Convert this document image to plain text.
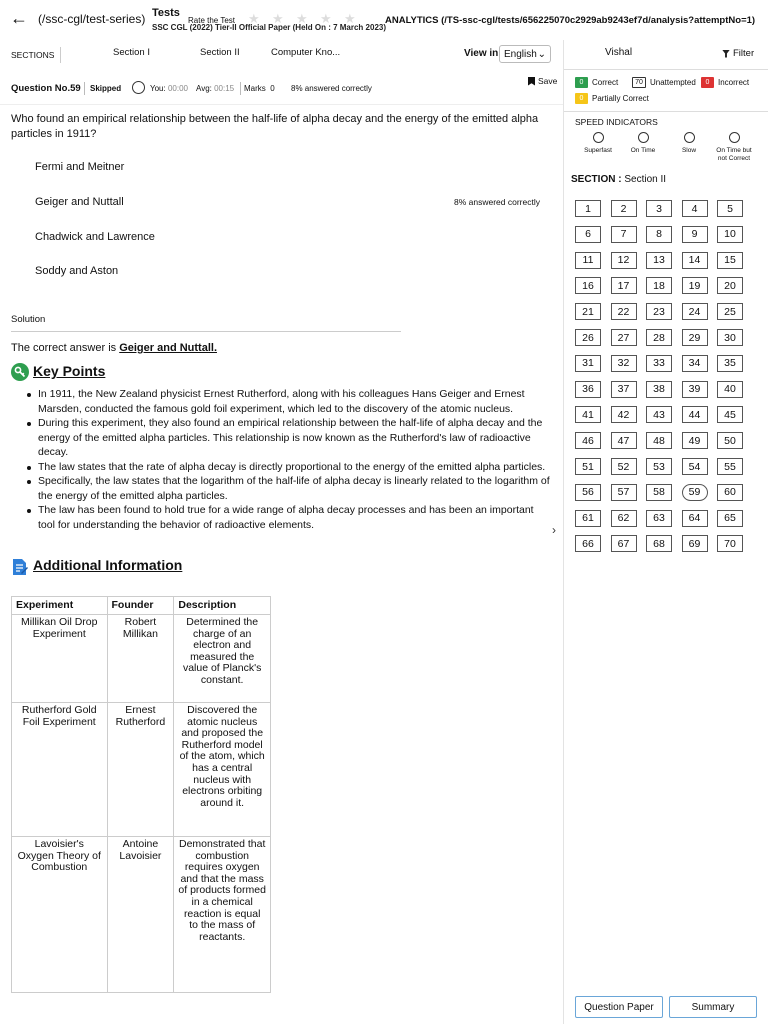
← (/ssc-cgl/test-series) Tests
Rate the Test ★ ★ ★ ★ ★
SSC CGL (2022) Tier-II Official Paper (Held On : 7 March 2023)
ANALYTICS (/TS-ssc-cgl/tests/656225070c2929ab9243ef7d/analysis?attemptNo=1)
SECTIONS	Section I	Section II	Computer Kno...	View in English ⌄
Question No.59 Skipped	You: 00:00 Avg: 00:15 Marks 0 8% answered correctly
Save
Who found an empirical relationship between the half-life of alpha decay and the energy of the emitted alpha particles in 1911?
Fermi and Meitner
Geiger and Nuttall	8% answered correctly
Chadwick and Lawrence
Soddy and Aston
Solution
The correct answer is Geiger and Nuttall.
Key Points
In 1911, the New Zealand physicist Ernest Rutherford, along with his colleagues Hans Geiger and Ernest Marsden, conducted the famous gold foil experiment, which led to the discovery of the atomic nucleus.
During this experiment, they also found an empirical relationship between the half-life of alpha decay and the energy of the emitted alpha particles. This relationship is now known as the Rutherford's law of radioactive decay.
The law states that the rate of alpha decay is directly proportional to the energy of the emitted alpha particles.
Specifically, the law states that the logarithm of the half-life of alpha decay is linearly related to the logarithm of the energy of the emitted alpha particles.
The law has been found to hold true for a wide range of alpha decay processes and has been an important tool for understanding the behavior of radioactive elements.	›
Additional Information
Experiment	Founder	Description
Millikan Oil Drop Experiment	Robert Millikan	Determined the charge of an electron and measured the value of Planck's constant.
Rutherford Gold Foil Experiment	Ernest Rutherford	Discovered the atomic nucleus and proposed the Rutherford model of the atom, which has a central nucleus with electrons orbiting around it.
Lavoisier's Oxygen Theory of Combustion	Antoine Lavoisier	Demonstrated that combustion requires oxygen and that the mass of products formed in a chemical reaction is equal to the mass of reactants.
Vishal	Filter
0	Correct	70 Unattempted	0	Incorrect
0	Partially Correct
SPEED INDICATORS
Superfast	On Time	Slow	On Time but not Correct
SECTION : Section II
1	2	3	4	5
6	7	8	9	10
11	12	13	14	15
16	17	18	19	20
21	22	23	24	25
26	27	28	29	30
31	32	33	34	35
36	37	38	39	40
41	42	43	44	45
46	47	48	49	50
51	52	53	54	55
56	57	58	59	60
61	62	63	64	65
66	67	68	69	70
Question Paper	Summary
